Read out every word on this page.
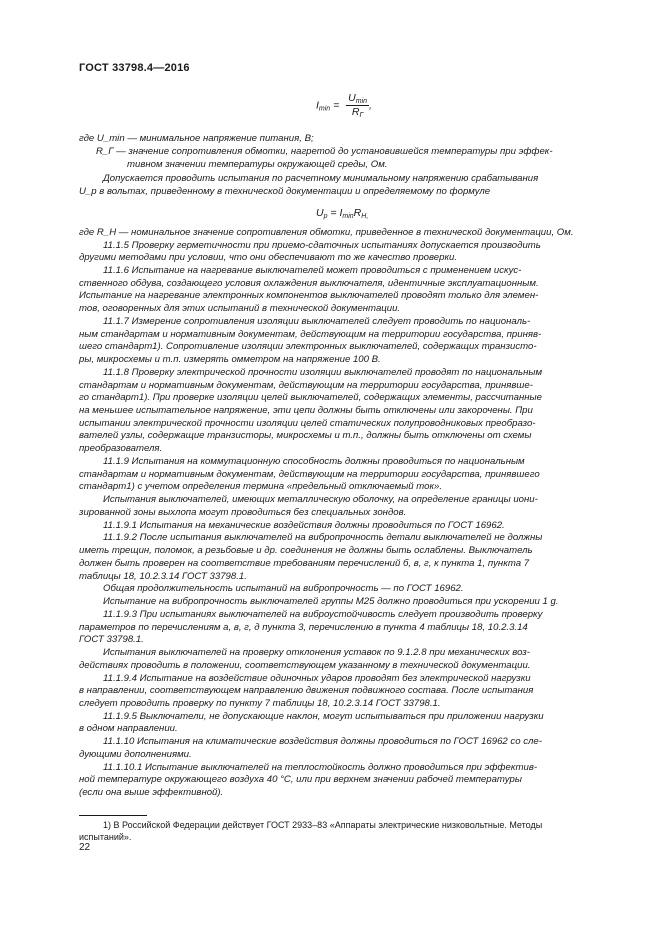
ГОСТ 33798.4—2016
$I_{min} = \frac{U_{min}}{R_Г}$ ,
где U_min — минимальное напряжение питания, В;
R_Г — значение сопротивления обмотки, нагретой до установившейся температуры при эффек-
тивном значении температуры окружающей среды, Ом.
Допускается проводить испытания по расчетному минимальному напряжению срабатывания
U_р в вольтах, приведенному в технической документации и определяемому по формуле
$U_р = I_{min}R_{Н,}$
где R_Н — номинальное значение сопротивления обмотки, приведенное в технической документации, Ом.
11.1.5 Проверку герметичности при приемо-сдаточных испытаниях допускается производить
другими методами при условии, что они обеспечивают то же качество проверки.
11.1.6 Испытание на нагревание выключателей может проводиться с применением искус-
ственного обдува, создающего условия охлаждения выключателя, идентичные эксплуатационным.
Испытание на нагревание электронных компонентов выключателей проводят только для элемен-
тов, оговоренных для этих испытаний в технической документации.
11.1.7 Измерение сопротивления изоляции выключателей следует проводить по националь-
ным стандартам и нормативным документам, действующим на территории государства, приняв-
шего стандарт1). Сопротивление изоляции электронных выключателей, содержащих транзисто-
ры, микросхемы и т.п. измерять омметром на напряжение 100 В.
11.1.8 Проверку электрической прочности изоляции выключателей проводят по национальным
стандартам и нормативным документам, действующим на территории государства, принявше-
го стандарт1). При проверке изоляции целей выключателей, содержащих элементы, рассчитанные
на меньшее испытательное напряжение, эти цепи должны быть отключены или закорочены. При
испытании электрической прочности изоляции целей статических полупроводниковых преобразо-
вателей узлы, содержащие транзисторы, микросхемы и т.п., должны быть отключены от схемы
преобразователя.
11.1.9 Испытания на коммутационную способность должны проводиться по национальным
стандартам и нормативным документам, действующим на территории государства, принявшего
стандарт1) с учетом определения термина «предельный отключаемый ток».
Испытания выключателей, имеющих металлическую оболочку, на определение границы иони-
зированной зоны выхлопа могут проводиться без специальных зондов.
11.1.9.1 Испытания на механические воздействия должны проводиться по ГОСТ 16962.
11.1.9.2 После испытания выключателей на вибропрочность детали выключателей не должны
иметь трещин, поломок, а резьбовые и др. соединения не должны быть ослаблены. Выключатель
должен быть проверен на соответствие требованиям перечислений б, в, г, к пункта 1, пункта 7
таблицы 18, 10.2.3.14 ГОСТ 33798.1.
Общая продолжительность испытаний на вибропрочность — по ГОСТ 16962.
Испытание на вибропрочность выключателей группы М25 должно проводиться при ускорении 1 g.
11.1.9.3 При испытаниях выключателей на виброустойчивость следует производить проверку
параметров по перечислениям а, в, г, д пункта 3, перечислению в пункта 4 таблицы 18, 10.2.3.14
ГОСТ 33798.1.
Испытания выключателей на проверку отклонения уставок по 9.1.2.8 при механических воз-
действиях проводить в положении, соответствующем указанному в технической документации.
11.1.9.4 Испытание на воздействие одиночных ударов проводят без электрической нагрузки
в направлении, соответствующем направлению движения подвижного состава. После испытания
следует проводить проверку по пункту 7 таблицы 18, 10.2.3.14 ГОСТ 33798.1.
11.1.9.5 Выключатели, не допускающие наклон, могут испытываться при приложении нагрузки
в одном направлении.
11.1.10 Испытания на климатические воздействия должны проводиться по ГОСТ 16962 со сле-
дующими дополнениями.
11.1.10.1 Испытание выключателей на теплостойкость должно проводиться при эффектив-
ной температуре окружающего воздуха 40 °С, или при верхнем значении рабочей температуры
(если она выше эффективной).
1) В Российской Федерации действует ГОСТ 2933–83 «Аппараты электрические низковольтные. Методы
испытаний».
22
